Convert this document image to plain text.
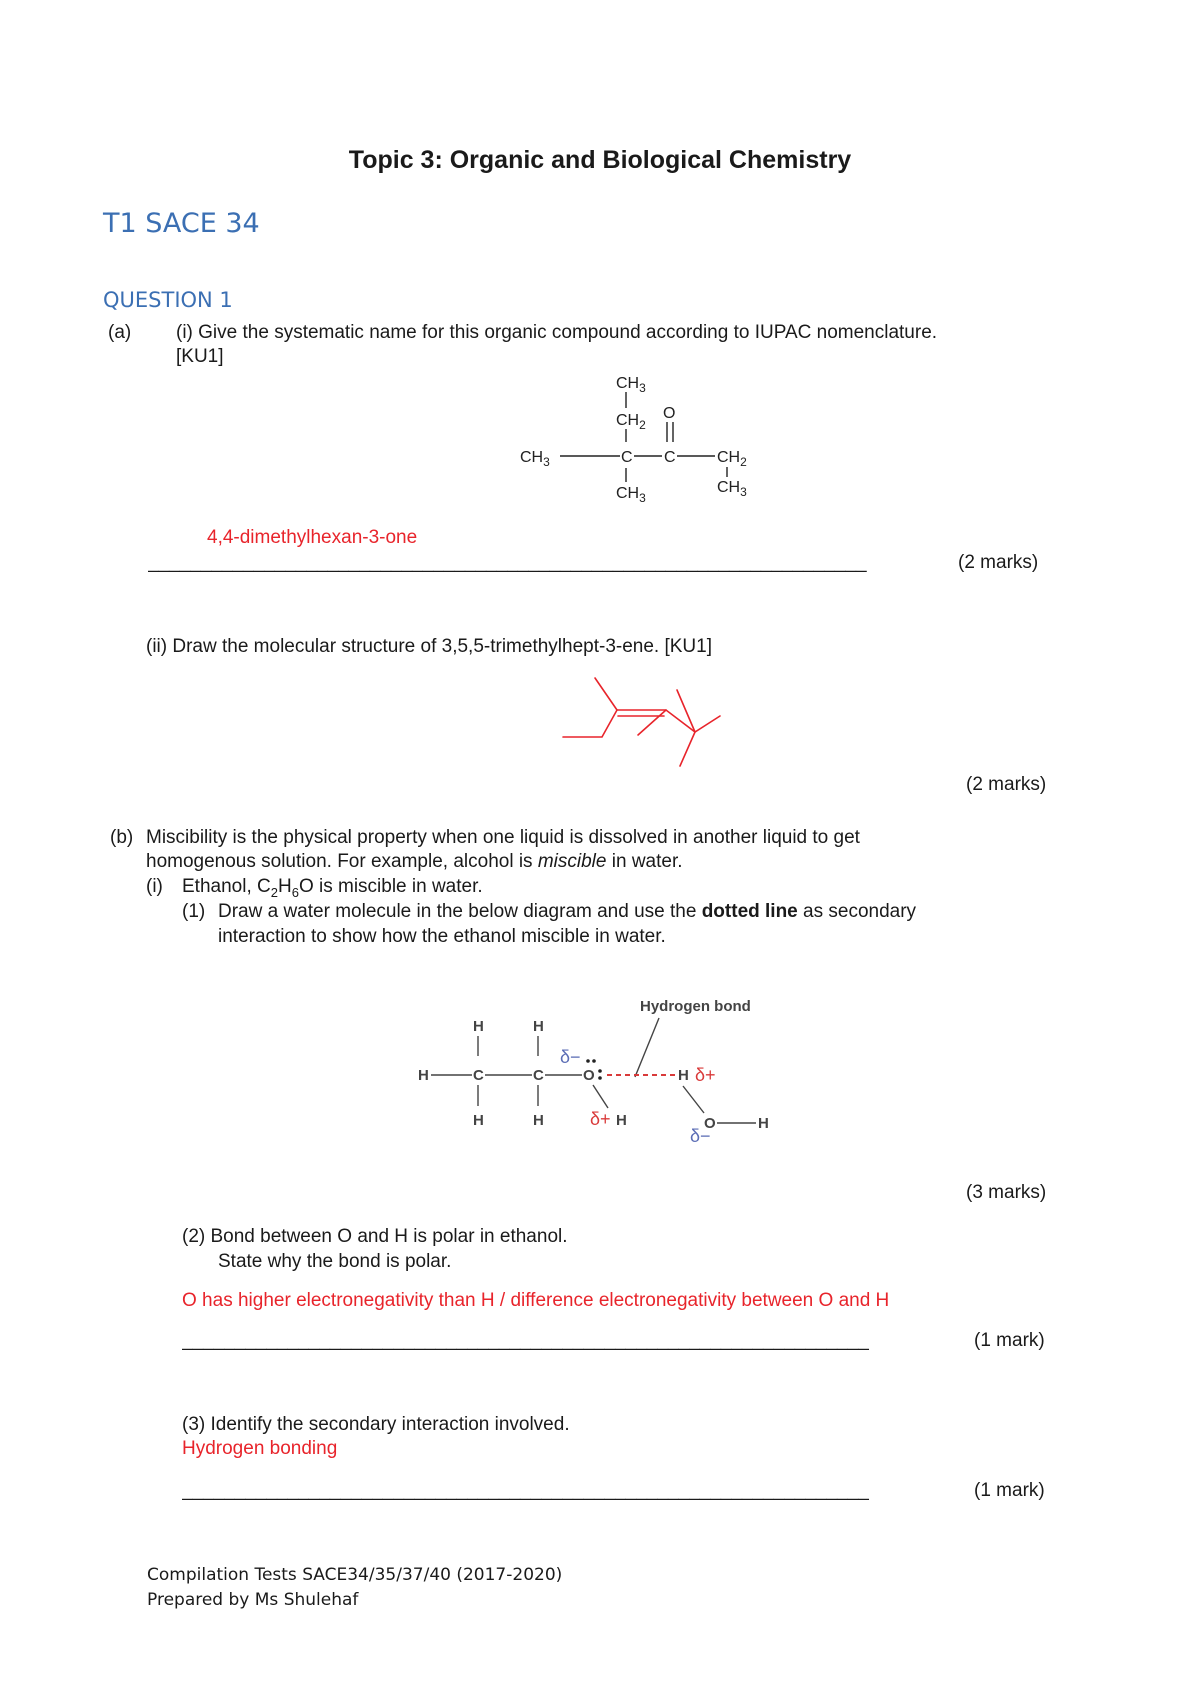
Topic 3: Organic and Biological Chemistry
T1 SACE 34
QUESTION 1
(a) (i) Give the systematic name for this organic compound according to IUPAC nomenclature.
[KU1]
$CH_3$
$CH_2$
O
$CH_3$	C C	$CH_2$
$CH_3$
$CH_3$
4,4-dimethylhexan-3-one
____________________________________________________________________	(2 marks)
(ii) Draw the molecular structure of 3,5,5-trimethylhept-3-ene. [KU1]
(2 marks)
(b) Miscibility is the physical property when one liquid is dissolved in another liquid to get
homogenous solution. For example, alcohol is miscible in water.
(i) Ethanol, $C_2H_6O$ is miscible in water.
(1) Draw a water molecule in the below diagram and use the dotted line as secondary
interaction to show how the ethanol miscible in water.
Hydrogen bond
H	H
H	C	C	O
H	H
δ−
δ+ H
H δ+
O
δ−
H
(3 marks)
(2) Bond between O and H is polar in ethanol.
State why the bond is polar.
O has higher electronegativity than H / difference electronegativity between O and H
_________________________________________________________________	(1 mark)
(3) Identify the secondary interaction involved.
Hydrogen bonding
_________________________________________________________________	(1 mark)
Compilation Tests SACE34/35/37/40 (2017-2020)
Prepared by Ms Shulehaf
